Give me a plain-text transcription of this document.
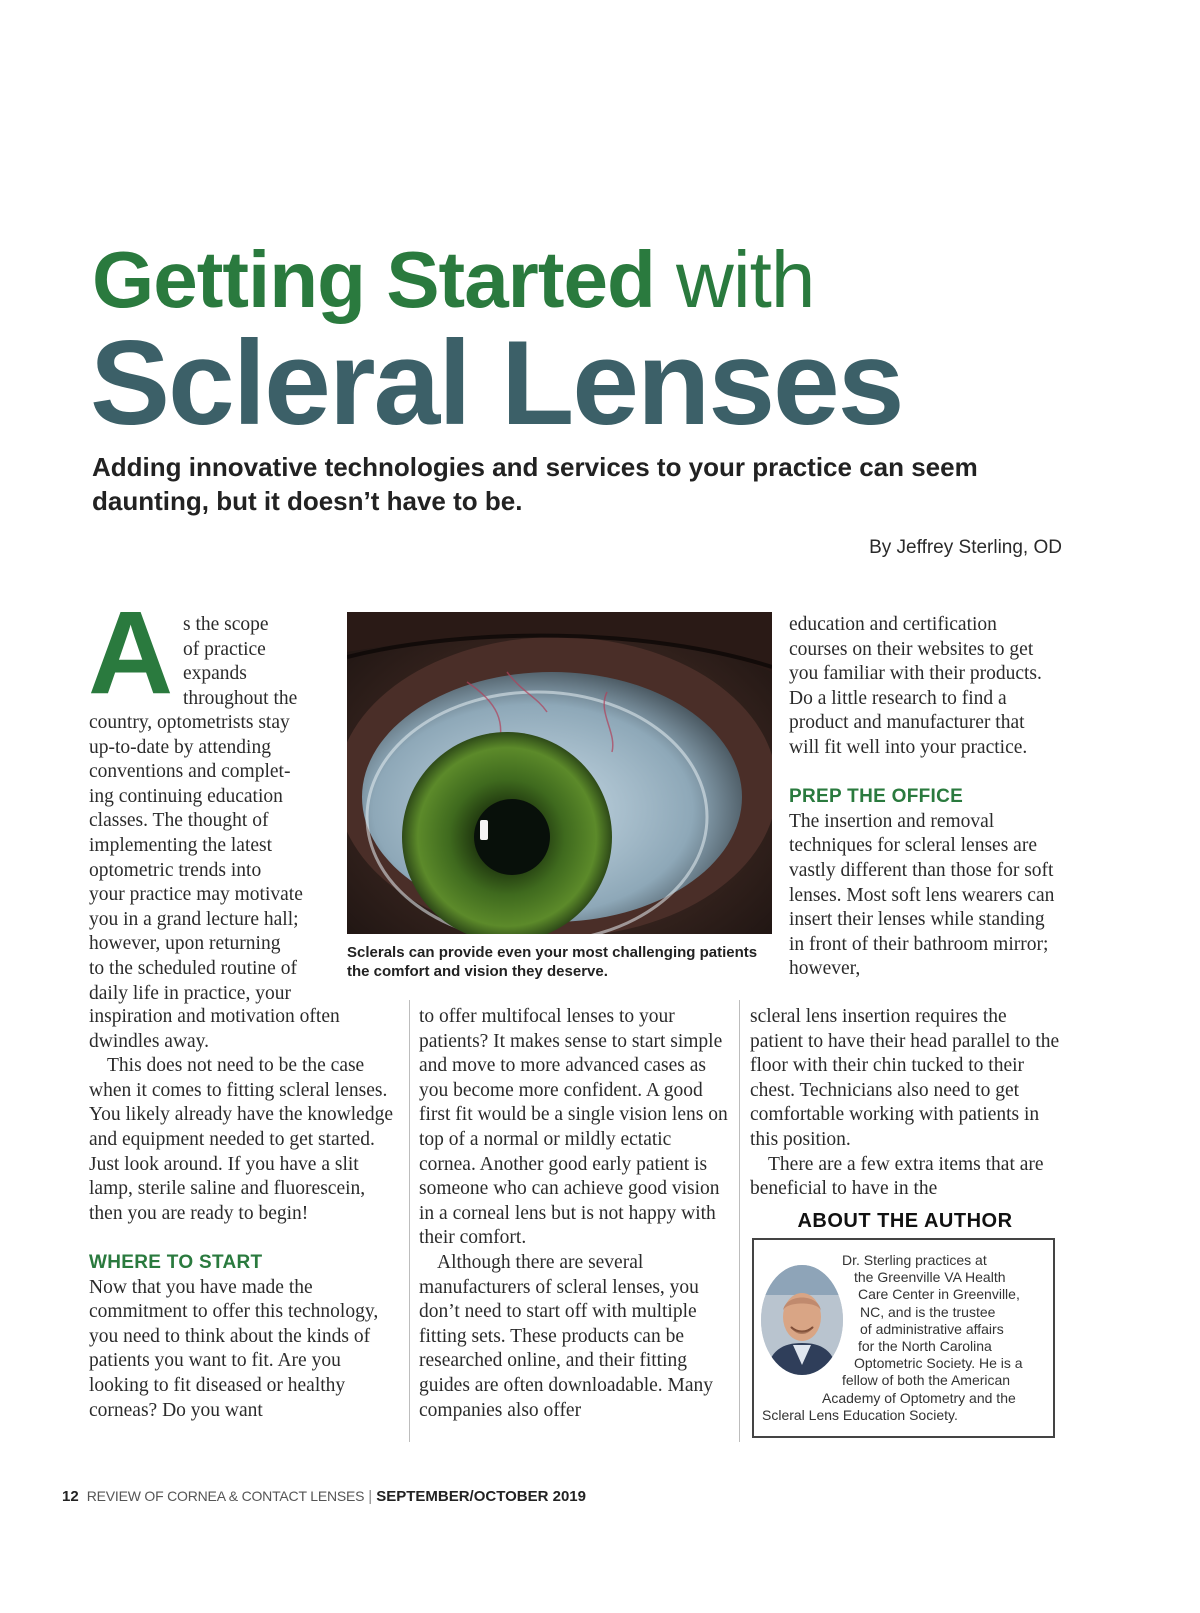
Getting Started with
Scleral Lenses
Adding innovative technologies and services to your practice can seem daunting, but it doesn’t have to be.
By Jeffrey Sterling, OD
A s the scope
of practice
expands
throughout the
country, optometrists stay
up-to-date by attending
conventions and complet-
ing continuing education
classes. The thought of
implementing the latest
optometric trends into
your practice may motivate
you in a grand lecture hall;
however, upon returning
to the scheduled routine of
daily life in practice, your

inspiration and motivation often dwindles away.

This does not need to be the case when it comes to fitting scleral lenses. You likely already have the knowledge and equipment needed to get started. Just look around. If you have a slit lamp, sterile saline and fluorescein, then you are ready to begin!

WHERE TO START

Now that you have made the commitment to offer this technology, you need to think about the kinds of patients you want to fit. Are you looking to fit diseased or healthy corneas? Do you want

to offer multifocal lenses to your patients? It makes sense to start simple and move to more advanced cases as you become more confident. A good first fit would be a single vision lens on top of a normal or mildly ectatic cornea. Another good early patient is someone who can achieve good vision in a corneal lens but is not happy with their comfort.

Although there are several manufacturers of scleral lenses, you don’t need to start off with multiple fitting sets. These products can be researched online, and their fitting guides are often downloadable. Many companies also offer

education and certification courses on their websites to get you familiar with their products. Do a little research to find a product and manufacturer that will fit well into your practice.

PREP THE OFFICE

The insertion and removal techniques for scleral lenses are vastly different than those for soft lenses. Most soft lens wearers can insert their lenses while standing in front of their bathroom mirror; however,

scleral lens insertion requires the patient to have their head parallel to the floor with their chin tucked to their chest. Technicians also need to get comfortable working with patients in this position.

There are a few extra items that are beneficial to have in the

Sclerals can provide even your most challenging patients the comfort and vision they deserve.
ABOUT THE AUTHOR
Dr. Sterling practices at
the Greenville VA Health
Care Center in Greenville,
NC, and is the trustee
of administrative affairs
for the North Carolina
Optometric Society. He is a
fellow of both the American
Academy of Optometry and the
Scleral Lens Education Society.
12 REVIEW OF CORNEA & CONTACT LENSES | SEPTEMBER/OCTOBER 2019
